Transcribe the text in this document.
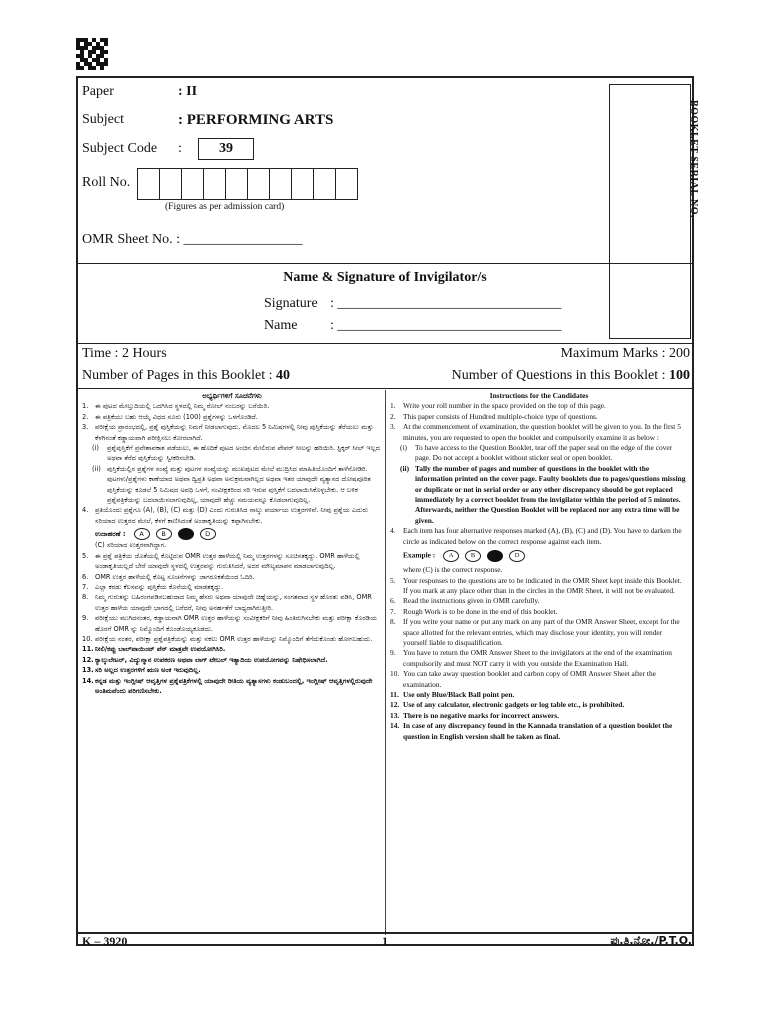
Paper	: II
Subject	: PERFORMING ARTS
Subject Code :	39
Roll No.
(Figures as per admission card)
OMR Sheet No. : _________________
BOOKLET SERIAL NO.
Name & Signature of Invigilator/s
Signature : ________________________________
Name : ________________________________
Time : 2 Hours	Maximum Marks : 200
Number of Pages in this Booklet : 40	Number of Questions in this Booklet : 100
ಅಭ್ಯರ್ಥಿಗಳಿಗೆ ಸೂಚನೆಗಳು
1. ಈ ಪುಟದ ಮೇಲ್ತುದಿಯಲ್ಲಿ ಒದಗಿಸಿದ ಸ್ಥಳದಲ್ಲಿ ನಿಮ್ಮ ರೋಲ್ ನಂಬರನ್ನು ಬರೆಯಿರಿ.
2. ಈ ಪತ್ರಿಕೆಯು ಬಹು ಆಯ್ಕೆ ವಿಧದ ನೂರು (100) ಪ್ರಶ್ನೆಗಳನ್ನು ಒಳಗೊಂಡಿದೆ.
3. ಪರೀಕ್ಷೆಯ ಪ್ರಾರಂಭದಲ್ಲಿ, ಪ್ರಶ್ನೆ ಪುಸ್ತಿಕೆಯನ್ನು ನಿಮಗೆ ನೀಡಲಾಗುವುದು. ಮೊದಲ 5 ನಿಮಿಷಗಳಲ್ಲಿ ನೀವು ಪುಸ್ತಿಕೆಯನ್ನು ತೆರೆಯಲು ಮತ್ತು ಕೆಳಗಿನಂತೆ ಕಡ್ಡಾಯವಾಗಿ ಪರೀಕ್ಷಿಸಲು ಕೋರಲಾಗಿದೆ.
(i) ಪ್ರಶ್ನೆಪುಸ್ತಿಕೆಗೆ ಪ್ರವೇಶಾವಕಾಶ ಪಡೆಯಲು, ಈ ಹೊದಿಕೆ ಪುಟದ ಅಂಚಿನ ಮೇಲಿರುವ ಪೇಪರ್ ಸೀಲನ್ನು ಹರಿಯಿರಿ. ಸ್ಟಿಕ್ಕರ್ ಸೀಲ್ ಇಲ್ಲದ ಅಥವಾ ತೆರೆದ ಪುಸ್ತಿಕೆಯನ್ನು ಸ್ವೀಕರಿಸಬೇಡಿ.
(ii) ಪುಸ್ತಿಕೆಯಲ್ಲಿನ ಪ್ರಶ್ನೆಗಳ ಸಂಖ್ಯೆ ಮತ್ತು ಪುಟಗಳ ಸಂಖ್ಯೆಯನ್ನು ಮುಖಪುಟದ ಮೇಲೆ ಮುದ್ರಿಸಿದ ಮಾಹಿತಿಯೊಂದಿಗೆ ತಾಳೆನೋಡಿರಿ. ಪುಟಗಳು/ಪ್ರಶ್ನೆಗಳು ಕಾಣೆಯಾದ ಅಥವಾ ದ್ವಿಪ್ರತಿ ಅಥವಾ ಅನುಕ್ರಮವಾಗಿಲ್ಲದ ಅಥವಾ ಇತರ ಯಾವುದೇ ವ್ಯತ್ಯಾಸದ ದೋಷಪೂರಿತ ಪುಸ್ತಿಕೆಯನ್ನು ಕೂಡಲೆ 5 ನಿಮಿಷದ ಅವಧಿ ಒಳಗೆ, ಸಂವೀಕ್ಷಕರಿಂದ ಸರಿ ಇರುವ ಪುಸ್ತಿಕೆಗೆ ಬದಲಾಯಿಸಿಕೊಳ್ಳಬೇಕು. ಆ ಬಳಿಕ ಪ್ರಶ್ನೆಪತ್ರಿಕೆಯನ್ನು ಬದಲಾಯಿಸಲಾಗುವುದಿಲ್ಲ, ಯಾವುದೇ ಹೆಚ್ಚು ಸಮಯವನ್ನೂ ಕೊಡಲಾಗುವುದಿಲ್ಲ.
4. ಪ್ರತಿಯೊಂದು ಪ್ರಶ್ನೆಗೂ (A), (B), (C) ಮತ್ತು (D) ಎಂದು ಗುರುತಿಸಿದ ನಾಲ್ಕು ಪರ್ಯಾಯ ಉತ್ತರಗಳಿವೆ. ನೀವು ಪ್ರಶ್ನೆಯ ಎದುರು ಸರಿಯಾದ ಉತ್ತರದ ಮೇಲೆ, ಕೆಳಗೆ ಕಾಣಿಸಿದಂತೆ ಅಂಡಾಕೃತಿಯನ್ನು ಕಪ್ಪಾಗಿಸಬೇಕು.
ಉದಾಹರಣೆ :	A	B	D
(C) ಸರಿಯಾದ ಉತ್ತರವಾಗಿದ್ದಾಗ.
5. ಈ ಪ್ರಶ್ನೆ ಪತ್ರಿಕೆಯ ಜೊತೆಯಲ್ಲಿ ಕೊಟ್ಟಿರುವ OMR ಉತ್ತರ ಹಾಳೆಯಲ್ಲಿ ನಿಮ್ಮ ಉತ್ತರಗಳನ್ನು ಸೂಚಿಸತಕ್ಕದ್ದು. OMR ಹಾಳೆಯಲ್ಲಿ ಅಂಡಾಕೃತಿಯಲ್ಲದೆ ಬೇರೆ ಯಾವುದೇ ಸ್ಥಳದಲ್ಲಿ ಉತ್ತರವನ್ನು ಗುರುತಿಸಿದರೆ, ಅದರ ಮೌಲ್ಯಮಾಪನ ಮಾಡಲಾಗುವುದಿಲ್ಲ.
6. OMR ಉತ್ತರ ಹಾಳೆಯಲ್ಲಿ ಕೊಟ್ಟ ಸೂಚನೆಗಳನ್ನು ಜಾಗರೂಕತೆಯಿಂದ ಓದಿರಿ.
7. ಎಲ್ಲಾ ಕರಡು ಕೆಲಸವನ್ನು ಪುಸ್ತಿಕೆಯ ಕೊನೆಯಲ್ಲಿ ಮಾಡತಕ್ಕದ್ದು.
8. ನಿಮ್ಮ ಗುರುತನ್ನು ಬಹಿರಂಗಪಡಿಸಬಹುದಾದ ನಿಮ್ಮ ಹೆಸರು ಅಥವಾ ಯಾವುದೇ ಚಿಹ್ನೆಯನ್ನು, ಸಂಗತವಾದ ಸ್ಥಳ ಹೊರತು ಪಡಿಸಿ, OMR ಉತ್ತರ ಹಾಳೆಯ ಯಾವುದೇ ಭಾಗದಲ್ಲಿ ಬರೆದರೆ, ನೀವು ಅನರ್ಹತೆಗೆ ಬಾಧ್ಯರಾಗಿರುತ್ತೀರಿ.
9. ಪರೀಕ್ಷೆಯು ಮುಗಿದನಂತರ, ಕಡ್ಡಾಯವಾಗಿ OMR ಉತ್ತರ ಹಾಳೆಯನ್ನು ಸಂವೀಕ್ಷಕರಿಗೆ ನೀವು ಹಿಂತಿರುಗಿಸಬೇಕು ಮತ್ತು ಪರೀಕ್ಷಾ ಕೊಠಡಿಯ ಹೊರಗೆ OMR ನ್ನು ನಿಮ್ಮೊಂದಿಗೆ ಕೊಂಡೊಯ್ಯಕೂಡದು.
10. ಪರೀಕ್ಷೆಯ ನಂತರ, ಪರೀಕ್ಷಾ ಪ್ರಶ್ನೆಪತ್ರಿಕೆಯನ್ನು ಮತ್ತು ನಕಲು OMR ಉತ್ತರ ಹಾಳೆಯನ್ನು ನಿಮ್ಮೊಂದಿಗೆ ತೆಗೆದುಕೊಂಡು ಹೋಗಬಹುದು.
11. ನೀಲಿ/ಕಪ್ಪು ಬಾಲ್‌ಪಾಯಿಂಟ್ ಪೆನ್ ಮಾತ್ರವೇ ಉಪಯೋಗಿಸಿರಿ.
12. ಕ್ಯಾಲ್ಕುಲೇಟರ್, ವಿದ್ಯುನ್ಮಾನ ಉಪಕರಣ ಅಥವಾ ಲಾಗ್ ಟೇಬಲ್ ಇತ್ಯಾದಿಯ ಉಪಯೋಗವನ್ನು ನಿಷೇಧಿಸಲಾಗಿದೆ.
13. ಸರಿ ಅಲ್ಲದ ಉತ್ತರಗಳಿಗೆ ಋಣ ಅಂಕ ಇರುವುದಿಲ್ಲ.
14. ಕನ್ನಡ ಮತ್ತು ಇಂಗ್ಲೀಷ್ ಆವೃತ್ತಿಗಳ ಪ್ರಶ್ನೆಪತ್ರಿಕೆಗಳಲ್ಲಿ ಯಾವುದೇ ರೀತಿಯ ವ್ಯತ್ಯಾಸಗಳು ಕಂಡುಬಂದಲ್ಲಿ, ಇಂಗ್ಲೀಷ್ ಆವೃತ್ತಿಗಳಲ್ಲಿರುವುದೇ ಅಂತಿಮವೆಂದು ಪರಿಗಣಿಸಬೇಕು.
Instructions for the Candidates
1. Write your roll number in the space provided on the top of this page.
2. This paper consists of Hundred multiple-choice type of questions.
3. At the commencement of examination, the question booklet will be given to you. In the first 5 minutes, you are requested to open the booklet and compulsorily examine it as below :
(i) To have access to the Question Booklet, tear off the paper seal on the edge of the cover page. Do not accept a booklet without sticker seal or open booklet.
(ii) Tally the number of pages and number of questions in the booklet with the information printed on the cover page. Faulty booklets due to pages/questions missing or duplicate or not in serial order or any other discrepancy should be got replaced immediately by a correct booklet from the invigilator within the period of 5 minutes. Afterwards, neither the Question Booklet will be replaced nor any extra time will be given.
4. Each item has four alternative responses marked (A), (B), (C) and (D). You have to darken the circle as indicated below on the correct response against each item.
Example :	A	B	D
where (C) is the correct response.
5. Your responses to the questions are to be indicated in the OMR Sheet kept inside this Booklet. If you mark at any place other than in the circles in the OMR Sheet, it will not be evaluated.
6. Read the instructions given in OMR carefully.
7. Rough Work is to be done in the end of this booklet.
8. If you write your name or put any mark on any part of the OMR Answer Sheet, except for the space allotted for the relevant entries, which may disclose your identity, you will render yourself liable to disqualification.
9. You have to return the OMR Answer Sheet to the invigilators at the end of the examination compulsorily and must NOT carry it with you outside the Examination Hall.
10. You can take away question booklet and carbon copy of OMR Answer Sheet after the examination.
11. Use only Blue/Black Ball point pen.
12. Use of any calculator, electronic gadgets or log table etc., is prohibited.
13. There is no negative marks for incorrect answers.
14. In case of any discrepancy found in the Kannada translation of a question booklet the question in English version shall be taken as final.
K – 3920	1	ಪು.ತಿ.ನೋ./P.T.O.
